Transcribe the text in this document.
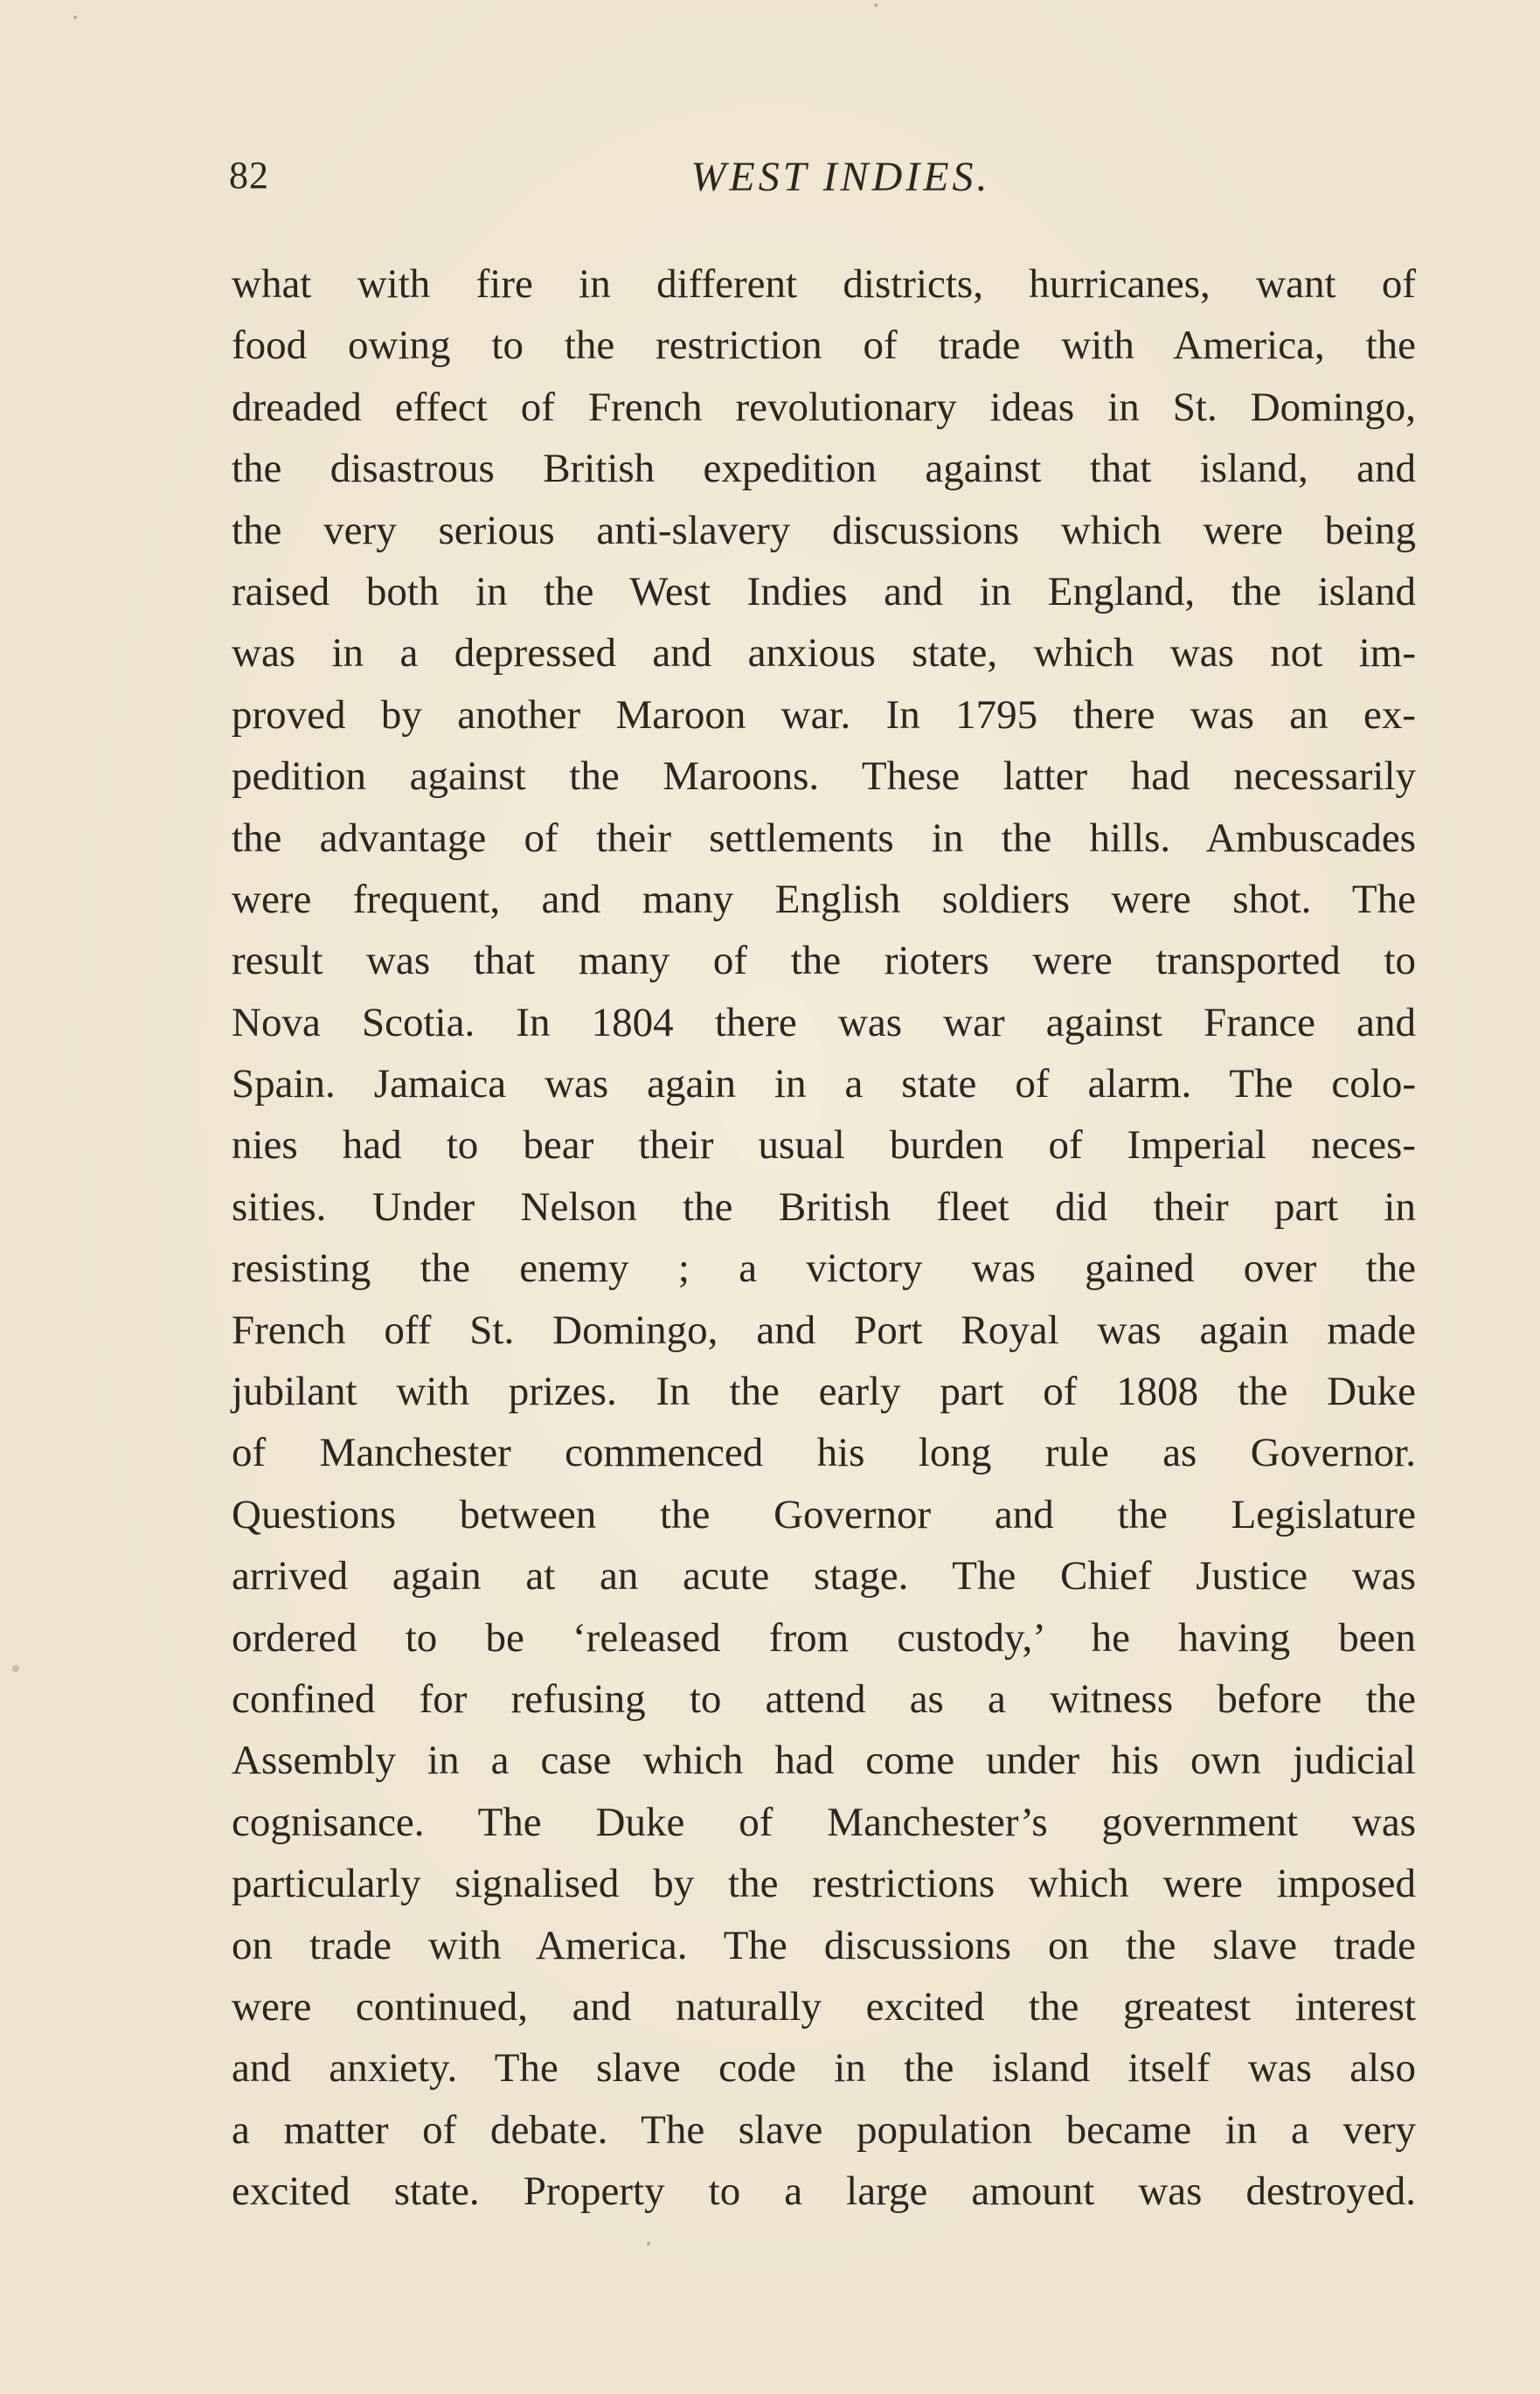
82	WEST INDIES.
what with fire in different districts, hurricanes, want of
food owing to the restriction of trade with America, the
dreaded effect of French revolutionary ideas in St. Domingo,
the disastrous British expedition against that island, and
the very serious anti-slavery discussions which were being
raised both in the West Indies and in England, the island
was in a depressed and anxious state, which was not im-
proved by another Maroon war. In 1795 there was an ex-
pedition against the Maroons. These latter had necessarily
the advantage of their settlements in the hills. Ambuscades
were frequent, and many English soldiers were shot. The
result was that many of the rioters were transported to
Nova Scotia. In 1804 there was war against France and
Spain. Jamaica was again in a state of alarm. The colo-
nies had to bear their usual burden of Imperial neces-
sities. Under Nelson the British fleet did their part in
resisting the enemy ; a victory was gained over the
French off St. Domingo, and Port Royal was again made
jubilant with prizes. In the early part of 1808 the Duke
of Manchester commenced his long rule as Governor.
Questions between the Governor and the Legislature
arrived again at an acute stage. The Chief Justice was
ordered to be ‘released from custody,’ he having been
confined for refusing to attend as a witness before the
Assembly in a case which had come under his own judicial
cognisance. The Duke of Manchester’s government was
particularly signalised by the restrictions which were imposed
on trade with America. The discussions on the slave trade
were continued, and naturally excited the greatest interest
and anxiety. The slave code in the island itself was also
a matter of debate. The slave population became in a very
excited state. Property to a large amount was destroyed.
